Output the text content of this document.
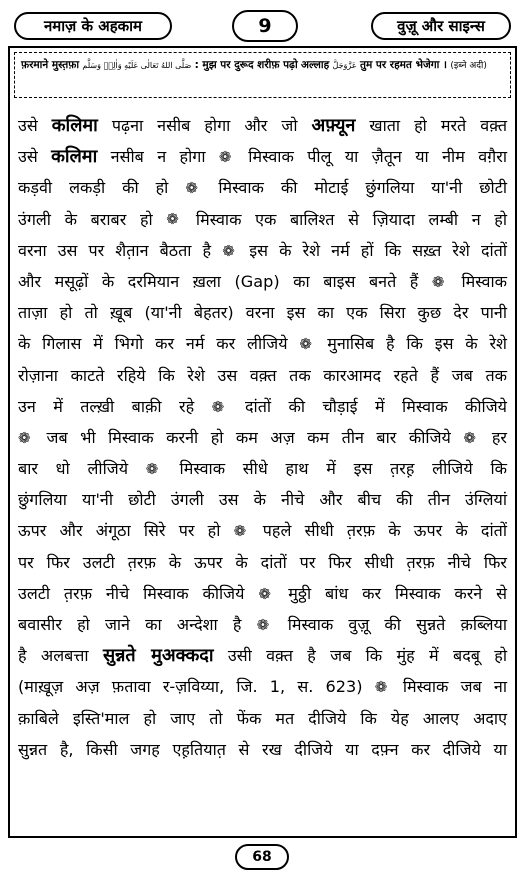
नमाज़ के अहकाम	9	वुज़ू और साइन्स
फ़रमाने मुस्त़फ़ा صَلَّى اللهُ تَعَالٰى عَلَيْهِ وَاٰلِهٖ وَسَلَّم : मुझ पर दुरूद शरीफ़ पढ़ो अल्लाह عَزَّوَجَلَّ तुम पर रहमत भेजेगा । (इब्ने अदी)
उसे कलिमा पढ़ना नसीब होगा और जो अफ़्यून खाता हो मरते वक़्त
उसे कलिमा नसीब न होगा ❁ मिस्वाक पीलू या ज़ैतून या नीम वग़ैरा
कड़वी लकड़ी की हो ❁ मिस्वाक की मोटाई छुंगलिया या'नी छोटी
उंगली के बराबर हो ❁ मिस्वाक एक बालिश्त से ज़ियादा लम्बी न हो
वरना उस पर शैत़ान बैठता है ❁ इस के रेशे नर्म हों कि सख़्त रेशे दांतों
और मसूढ़ों के दरमियान ख़ला (Gap) का बाइस बनते हैं ❁ मिस्वाक
ताज़ा हो तो ख़ूब (या'नी बेहतर) वरना इस का एक सिरा कुछ देर पानी
के गिलास में भिगो कर नर्म कर लीजिये ❁ मुनासिब है कि इस के रेशे
रोज़ाना काटते रहिये कि रेशे उस वक़्त तक कारआमद रहते हैं जब तक
उन में तल्ख़ी बाक़ी रहे ❁ दांतों की चौड़ाई में मिस्वाक कीजिये
❁ जब भी मिस्वाक करनी हो कम अज़ कम तीन बार कीजिये ❁ हर
बार धो लीजिये ❁ मिस्वाक सीधे हाथ में इस त़रह़ लीजिये कि
छुंगलिया या'नी छोटी उंगली उस के नीचे और बीच की तीन उंग्लियां
ऊपर और अंगूठा सिरे पर हो ❁ पहले सीधी त़रफ़ के ऊपर के दांतों
पर फिर उलटी त़रफ़ के ऊपर के दांतों पर फिर सीधी त़रफ़ नीचे फिर
उलटी त़रफ़ नीचे मिस्वाक कीजिये ❁ मुठ्ठी बांध कर मिस्वाक करने से
बवासीर हो जाने का अन्देशा है ❁ मिस्वाक वुज़ू की सुन्नते क़ब्लिया
है अलबत्ता सुन्नते मुअक्कदा उसी वक़्त है जब कि मुंह में बदबू हो
(माख़ूज़ अज़ फ़तावा र-ज़विय्या, जि. 1, स. 623) ❁ मिस्वाक जब ना
क़ाबिले इस्ति'माल हो जाए तो फेंक मत दीजिये कि येह आलए अदाए
सुन्नत है, किसी जगह एह़तियात़ से रख दीजिये या दफ़्न कर दीजिये या
68
